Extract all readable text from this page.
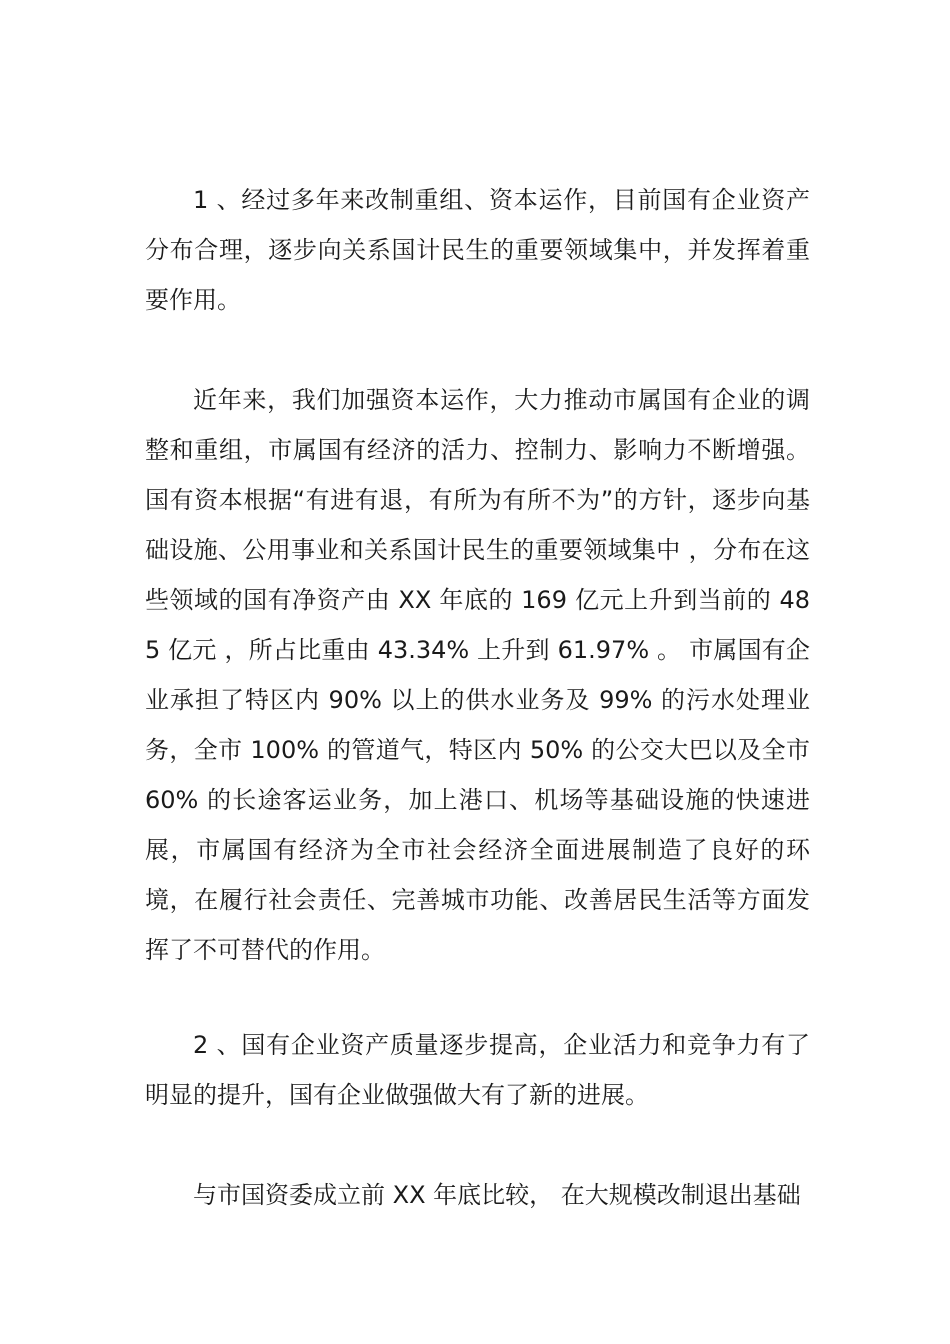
1 、经过多年来改制重组、资本运作，目前国有企业资产分布合理，逐步向关系国计民生的重要领域集中，并发挥着重要作用。

近年来，我们加强资本运作，大力推动市属国有企业的调整和重组，市属国有经济的活力、控制力、影响力不断增强。国有资本根据“有进有退，有所为有所不为”的方针，逐步向基础设施、公用事业和关系国计民生的重要领域集中 ，分布在这些领域的国有净资产由 XX 年底的 169 亿元上升到当前的 485 亿元 ，所占比重由 43.34% 上升到 61.97% 。 市属国有企业承担了特区内 90% 以上的供水业务及 99% 的污水处理业务，全市 100% 的管道气，特区内 50% 的公交大巴以及全市 60% 的长途客运业务，加上港口、机场等基础设施的快速进展，市属国有经济为全市社会经济全面进展制造了良好的环境，在履行社会责任、完善城市功能、改善居民生活等方面发挥了不可替代的作用。

2 、国有企业资产质量逐步提高，企业活力和竞争力有了明显的提升，国有企业做强做大有了新的进展。

与市国资委成立前 XX 年底比较， 在大规模改制退出基础
